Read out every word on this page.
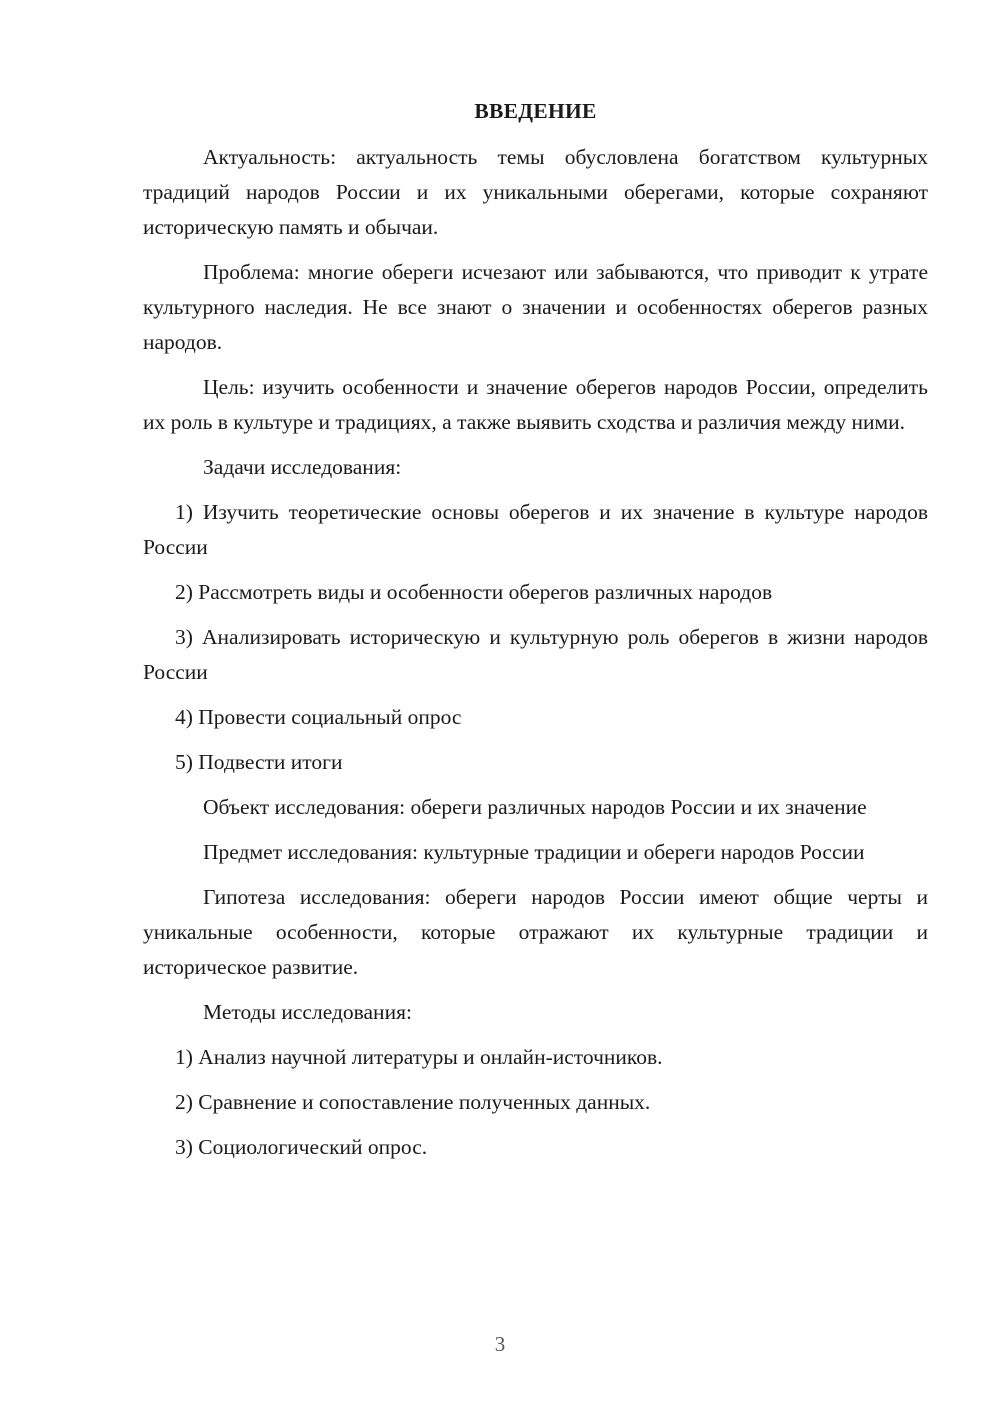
ВВЕДЕНИЕ

Актуальность: актуальность темы обусловлена богатством культурных традиций народов России и их уникальными оберегами, которые сохраняют историческую память и обычаи.

Проблема: многие обереги исчезают или забываются, что приводит к утрате культурного наследия. Не все знают о значении и особенностях оберегов разных народов.

Цель: изучить особенности и значение оберегов народов России, определить их роль в культуре и традициях, а также выявить сходства и различия между ними.

Задачи исследования:

1) Изучить теоретические основы оберегов и их значение в культуре народов России

2) Рассмотреть виды и особенности оберегов различных народов

3) Анализировать историческую и культурную роль оберегов в жизни народов России

4) Провести социальный опрос

5) Подвести итоги

Объект исследования: обереги различных народов России и их значение

Предмет исследования: культурные традиции и обереги народов России

Гипотеза исследования: обереги народов России имеют общие черты и уникальные особенности, которые отражают их культурные традиции и историческое развитие.

Методы исследования:

1) Анализ научной литературы и онлайн-источников.

2) Сравнение и сопоставление полученных данных.

3) Социологический опрос.

3
